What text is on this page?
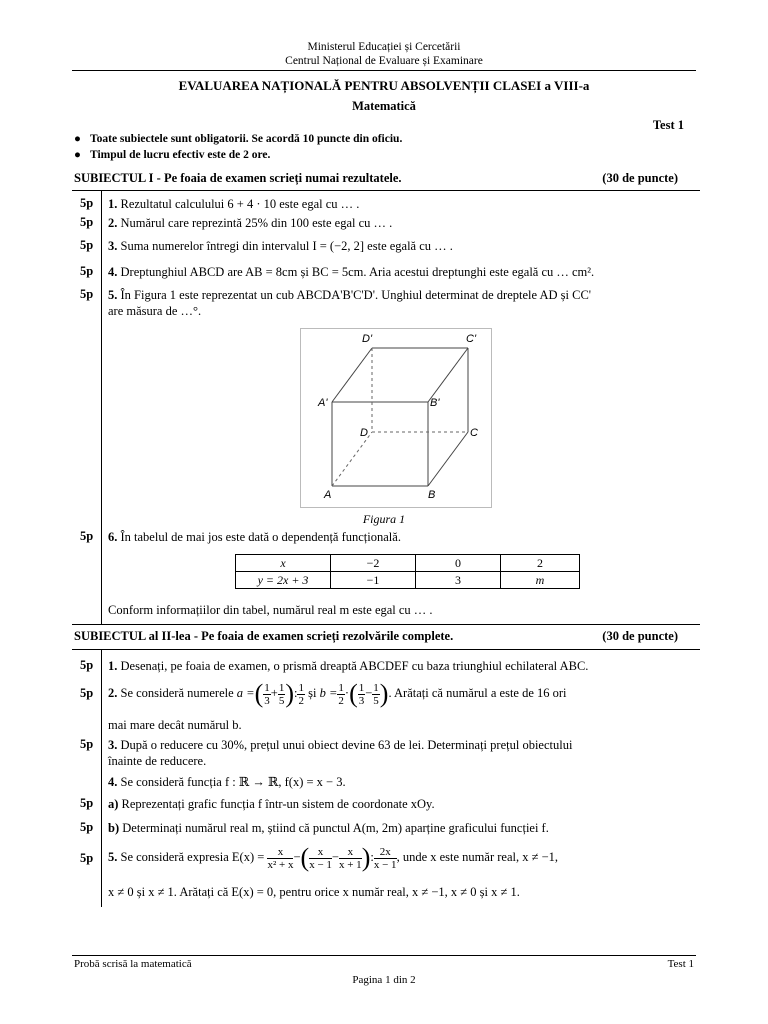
Ministerul Educației și Cercetării
Centrul Național de Evaluare și Examinare
EVALUAREA NAȚIONALĂ PENTRU ABSOLVENȚII CLASEI a VIII-a
Matematică
Test 1
● Toate subiectele sunt obligatorii. Se acordă 10 puncte din oficiu.
● Timpul de lucru efectiv este de 2 ore.
SUBIECTUL I - Pe foaia de examen scrieți numai rezultatele.	(30 de puncte)
5p 1. Rezultatul calculului 6 + 4 · 10 este egal cu … .
5p 2. Numărul care reprezintă 25% din 100 este egal cu … .
5p 3. Suma numerelor întregi din intervalul I = (−2, 2] este egală cu … .
5p 4. Dreptunghiul ABCD are AB = 8cm și BC = 5cm. Aria acestui dreptunghi este egală cu … cm².
5p 5. În Figura 1 este reprezentat un cub ABCDA'B'C'D'. Unghiul determinat de dreptele AD și CC'
are măsura de …°.
D'	C'
A'	B'
D	C
A	B
Figura 1
5p 6. În tabelul de mai jos este dată o dependență funcțională.
x	−2	0	2
y = 2x + 3	−1	3	m
Conform informațiilor din tabel, numărul real m este egal cu … .
SUBIECTUL al II-lea - Pe foaia de examen scrieți rezolvările complete.	(30 de puncte)
5p 1. Desenați, pe foaia de examen, o prismă dreaptă ABCDEF cu baza triunghiul echilateral ABC.
5p 2. Se consideră numerele a =( $\frac{1}{3} + \frac{1}{5}$ ): $\frac{1}{2}$ și $b = \frac{1}{2}$ ·( $\frac{1}{3} - \frac{1}{5}$ ). Arătați că numărul a este de 16 ori
mai mare decât numărul b.
5p 3. După o reducere cu 30%, prețul unui obiect devine 63 de lei. Determinați prețul obiectului
înainte de reducere.
4. Se consideră funcția f : ℝ → ℝ, f(x) = x − 3.
5p a) Reprezentați grafic funcția f într-un sistem de coordonate xOy.
5p b) Determinați numărul real m, știind că punctul A(m, 2m) aparține graficului funcției f.
5p 5. Se consideră expresia $E(x) = \frac{x}{\text{x² + x}}$ −( $\frac{x}{x - 1} - \frac{x}{x + 1}$ ): $\frac{2x}{x - 1}$ , unde x este număr real, x ≠ −1,
x ≠ 0 și x ≠ 1. Arătați că E(x) = 0, pentru orice x număr real, x ≠ −1, x ≠ 0 și x ≠ 1.
Probă scrisă la matematică	Test 1
Pagina 1 din 2
